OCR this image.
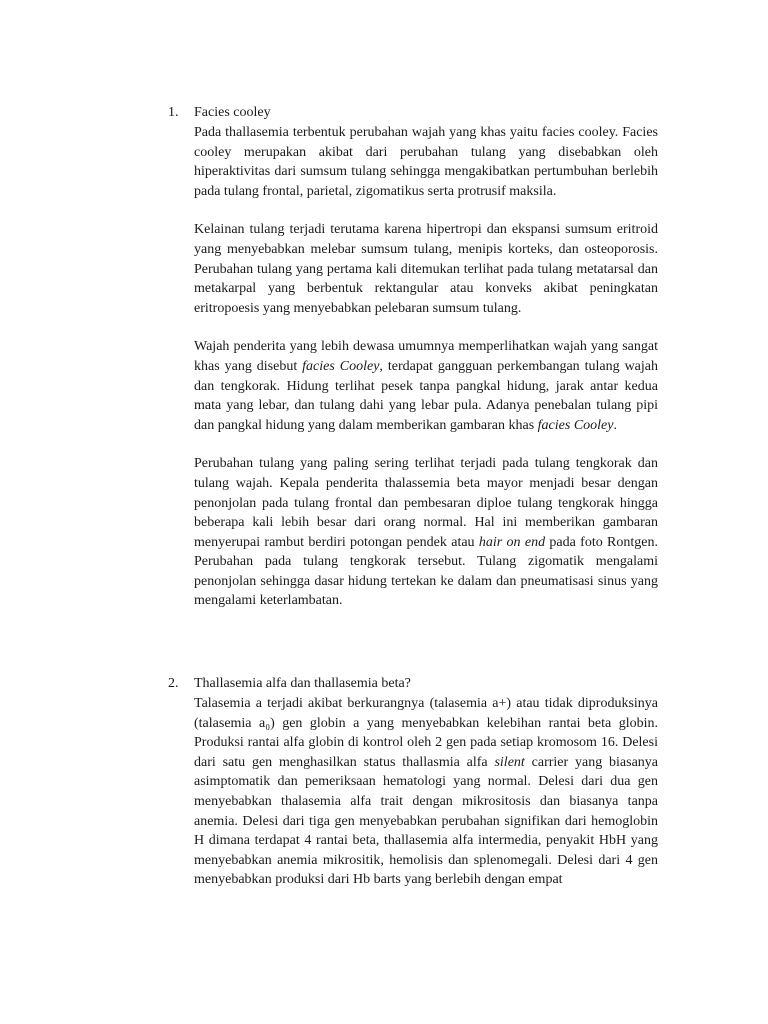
1. Facies cooley

Pada thallasemia terbentuk perubahan wajah yang khas yaitu facies cooley. Facies cooley merupakan akibat dari perubahan tulang yang disebabkan oleh hiperaktivitas dari sumsum tulang sehingga mengakibatkan pertumbuhan berlebih pada tulang frontal, parietal, zigomatikus serta protrusif maksila.

Kelainan tulang terjadi terutama karena hipertropi dan ekspansi sumsum eritroid yang menyebabkan melebar sumsum tulang, menipis korteks, dan osteoporosis. Perubahan tulang yang pertama kali ditemukan terlihat pada tulang metatarsal dan metakarpal yang berbentuk rektangular atau konveks akibat peningkatan eritropoesis yang menyebabkan pelebaran sumsum tulang.

Wajah penderita yang lebih dewasa umumnya memperlihatkan wajah yang sangat khas yang disebut facies Cooley, terdapat gangguan perkembangan tulang wajah dan tengkorak. Hidung terlihat pesek tanpa pangkal hidung, jarak antar kedua mata yang lebar, dan tulang dahi yang lebar pula. Adanya penebalan tulang pipi dan pangkal hidung yang dalam memberikan gambaran khas facies Cooley.

Perubahan tulang yang paling sering terlihat terjadi pada tulang tengkorak dan tulang wajah. Kepala penderita thalassemia beta mayor menjadi besar dengan penonjolan pada tulang frontal dan pembesaran diploe tulang tengkorak hingga beberapa kali lebih besar dari orang normal. Hal ini memberikan gambaran menyerupai rambut berdiri potongan pendek atau hair on end pada foto Rontgen. Perubahan pada tulang tengkorak tersebut. Tulang zigomatik mengalami penonjolan sehingga dasar hidung tertekan ke dalam dan pneumatisasi sinus yang mengalami keterlambatan.

2. Thallasemia alfa dan thallasemia beta?

Talasemia a terjadi akibat berkurangnya (talasemia a+) atau tidak diproduksinya (talasemia a₀) gen globin a yang menyebabkan kelebihan rantai beta globin. Produksi rantai alfa globin di kontrol oleh 2 gen pada setiap kromosom 16. Delesi dari satu gen menghasilkan status thallasmia alfa silent carrier yang biasanya asimptomatik dan pemeriksaan hematologi yang normal. Delesi dari dua gen menyebabkan thalasemia alfa trait dengan mikrositosis dan biasanya tanpa anemia. Delesi dari tiga gen menyebabkan perubahan signifikan dari hemoglobin H dimana terdapat 4 rantai beta, thallasemia alfa intermedia, penyakit HbH yang menyebabkan anemia mikrositik, hemolisis dan splenomegali. Delesi dari 4 gen menyebabkan produksi dari Hb barts yang berlebih dengan empat
